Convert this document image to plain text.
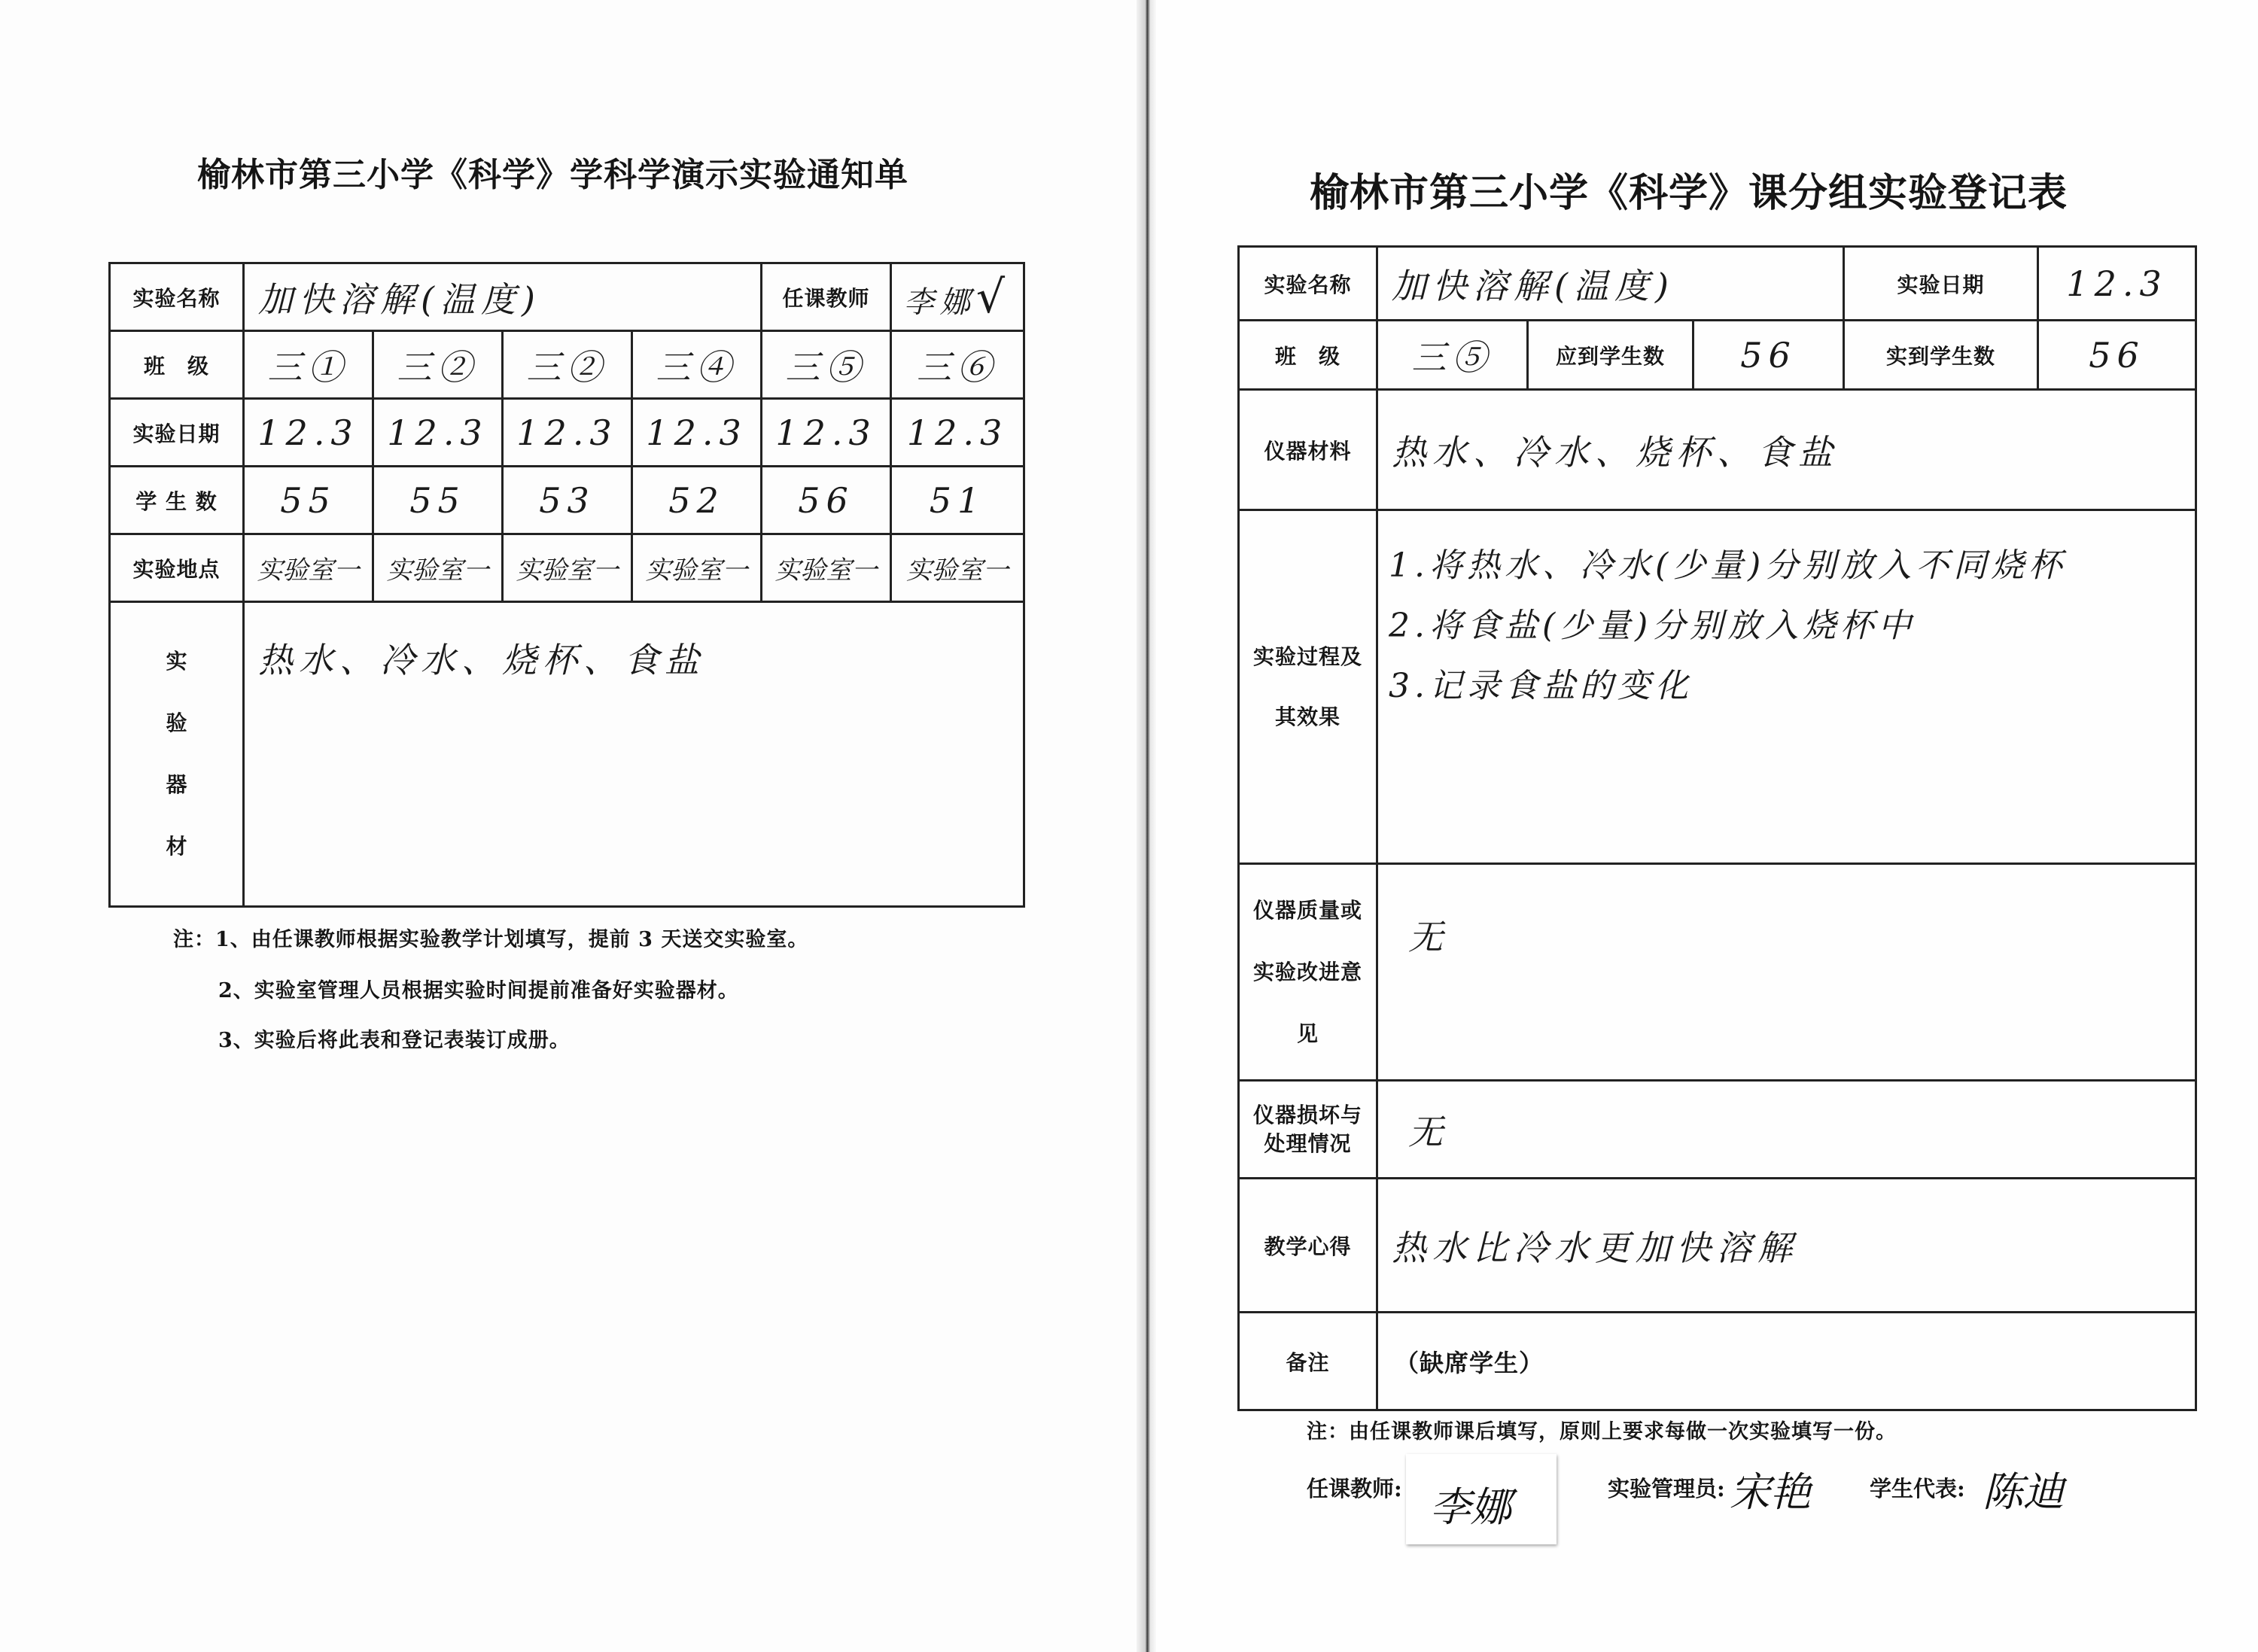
榆林市第三小学《科学》学科学演示实验通知单
实验名称	加快溶解(温度)				任课教师	李娜√
班　级	三①	三②	三②	三④	三⑤	三⑥
实验日期	12.3	12.3	12.3	12.3	12.3	12.3
学 生 数	55	55	53	52	56	51
实验地点	实验室一	实验室一	实验室一	实验室一	实验室一	实验室一

实
验
器
材	热水、冷水、烧杯、食盐					
注：1、由任课教师根据实验教学计划填写，提前 3 天送交实验室。
2、实验室管理人员根据实验时间提前准备好实验器材。
3、实验后将此表和登记表装订成册。
榆林市第三小学《科学》课分组实验登记表
实验名称	加快溶解(温度)			实验日期	12.3
班　级	三⑤	应到学生数	56	实到学生数	56
仪器材料	热水、冷水、烧杯、食盐				
实验过程及其效果	1.将热水、冷水(少量)分别放入不同烧杯
2.将食盐(少量)分别放入烧杯中
3.记录食盐的变化				

仪器质量或实验改进意见	无				
仪器损坏与处理情况	无				
教学心得	热水比冷水更加快溶解				
备注	（缺席学生）				
注：由任课教师课后填写，原则上要求每做一次实验填写一份。
任课教师: 李娜	实验管理员: 宋艳	学生代表: 陈迪
